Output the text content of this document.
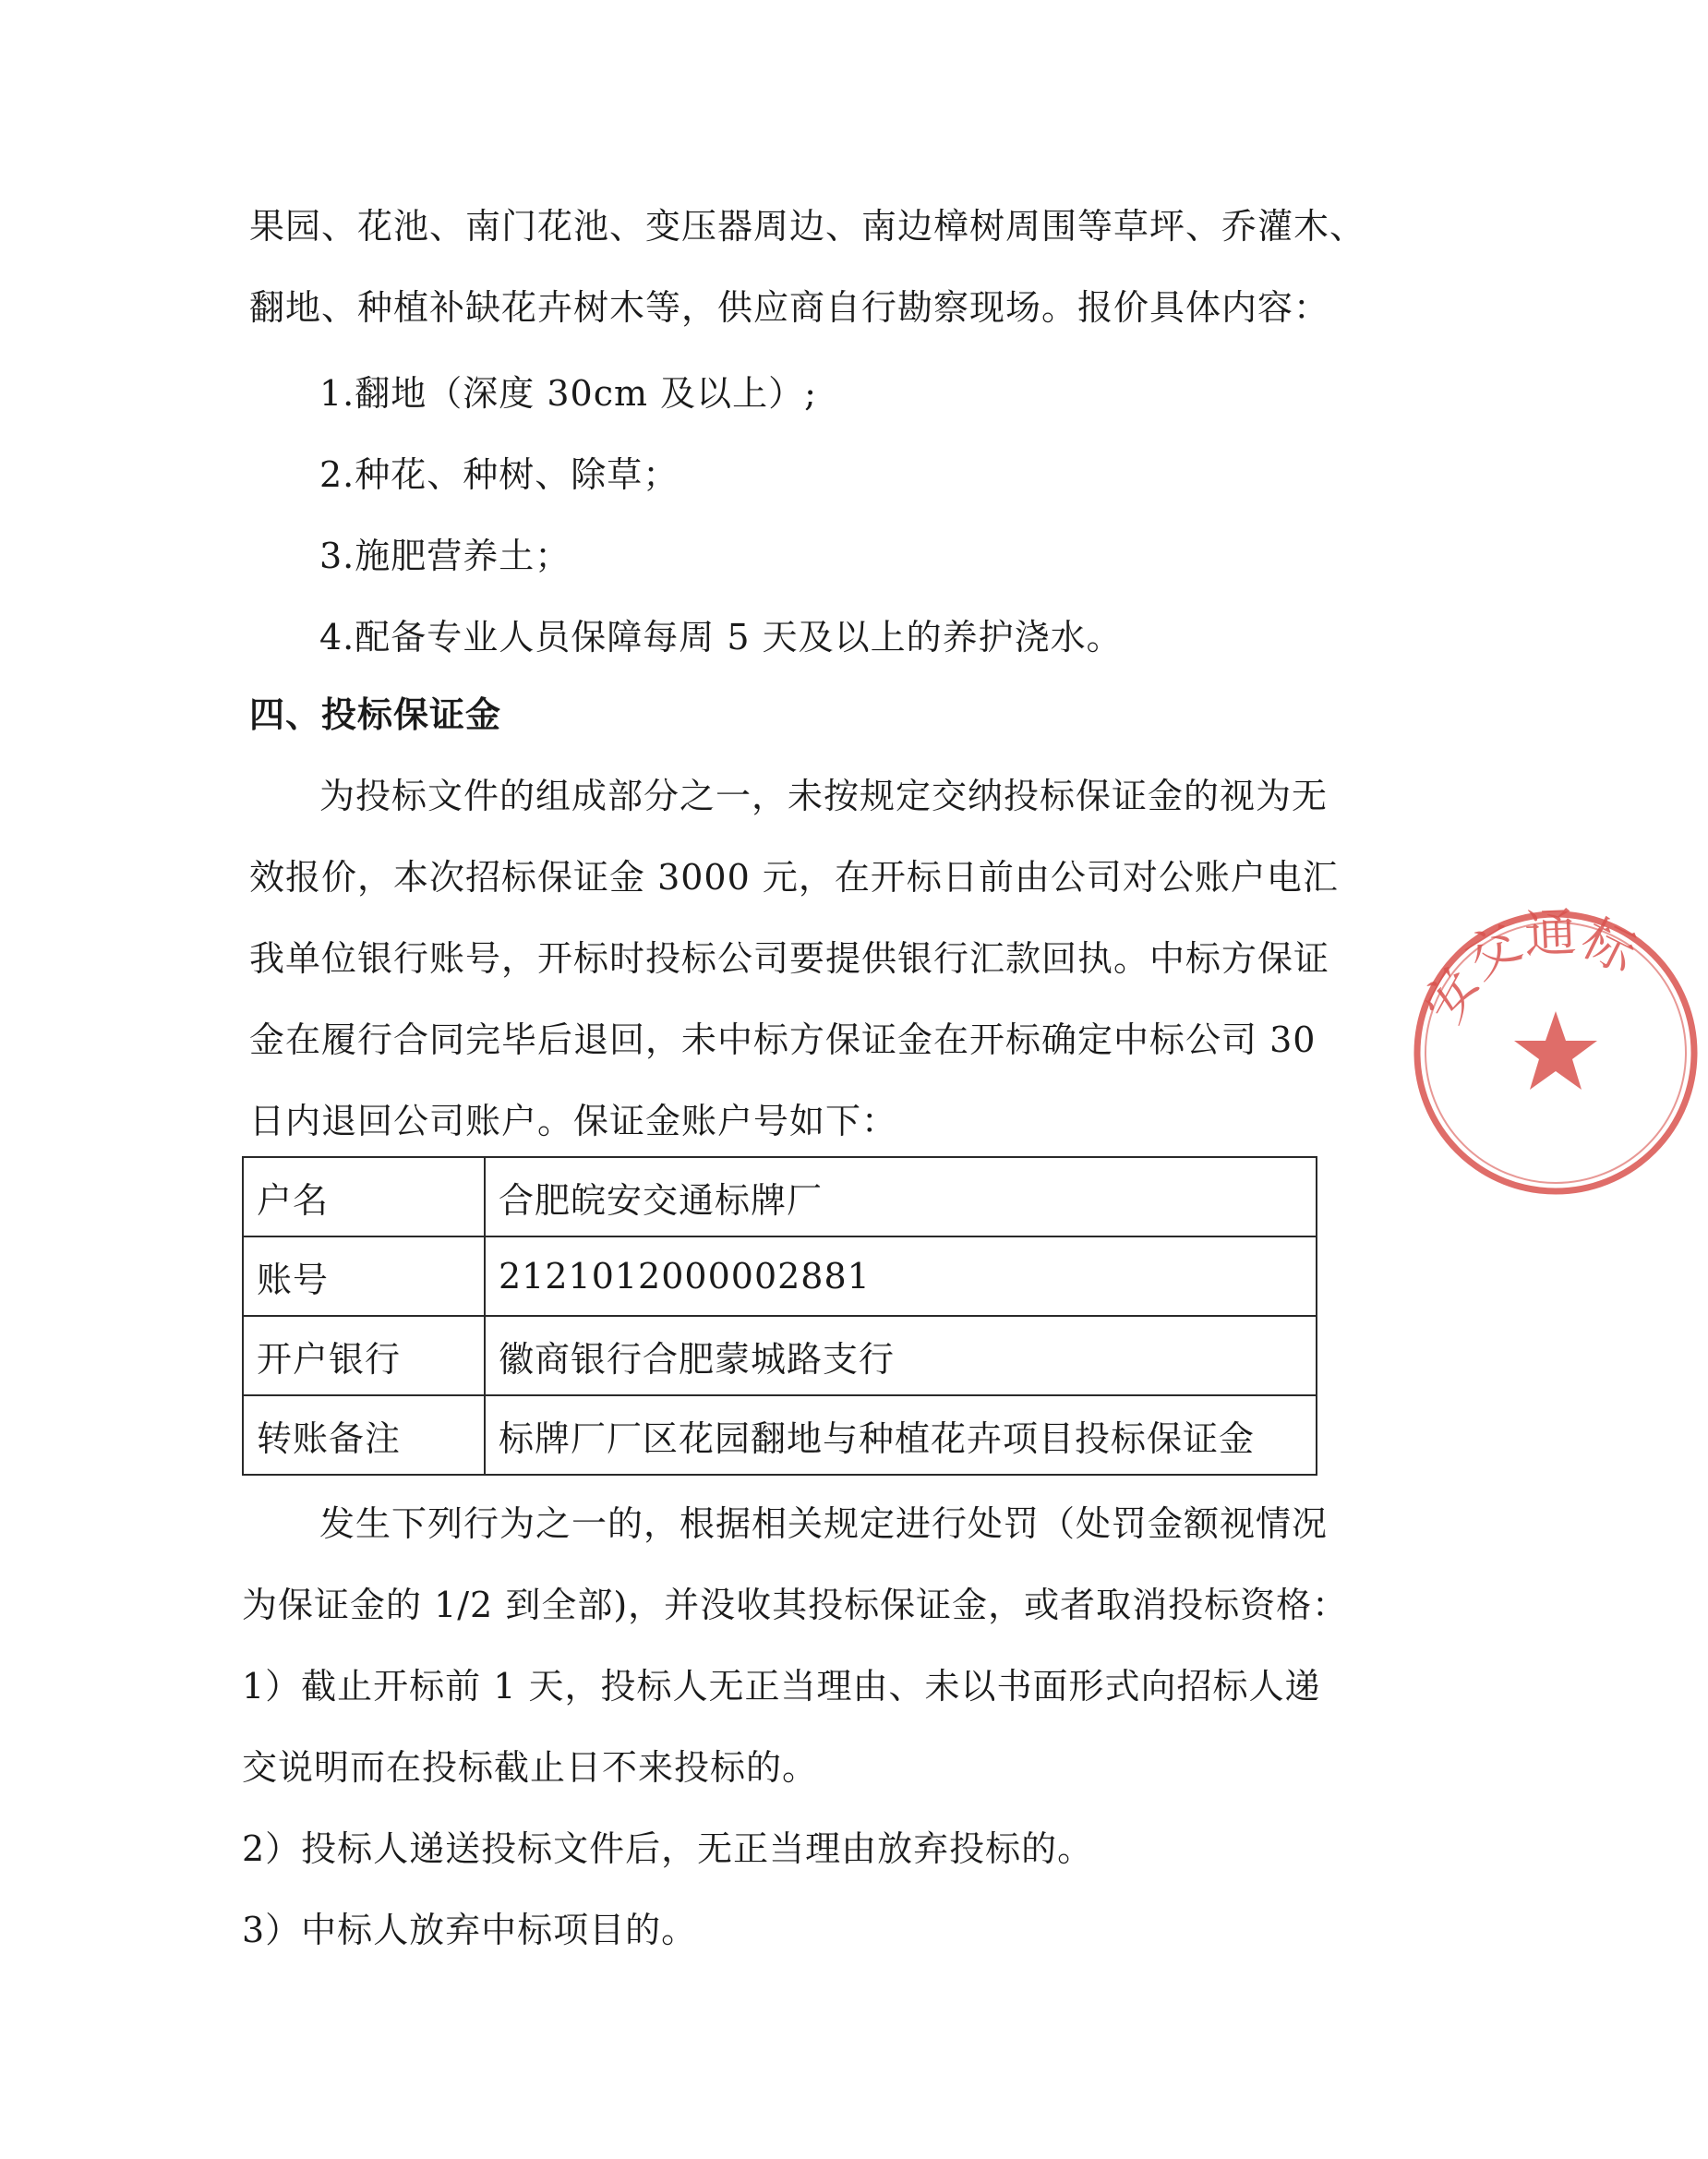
果园、花池、南门花池、变压器周边、南边樟树周围等草坪、乔灌木、
翻地、种植补缺花卉树木等，供应商自行勘察现场。报价具体内容：
1.翻地（深度 30cm 及以上）;
2.种花、种树、除草；
3.施肥营养土；
4.配备专业人员保障每周 5 天及以上的养护浇水。
四、投标保证金
为投标文件的组成部分之一，未按规定交纳投标保证金的视为无
效报价，本次招标保证金 3000 元，在开标日前由公司对公账户电汇
我单位银行账号，开标时投标公司要提供银行汇款回执。中标方保证
金在履行合同完毕后退回，未中标方保证金在开标确定中标公司 30
日内退回公司账户。保证金账户号如下：
户名	合肥皖安交通标牌厂
账号	2121012000002881
开户银行	徽商银行合肥蒙城路支行
转账备注	标牌厂厂区花园翻地与种植花卉项目投标保证金
发生下列行为之一的，根据相关规定进行处罚（处罚金额视情况
为保证金的 1/2 到全部)，并没收其投标保证金，或者取消投标资格：
1）截止开标前 1 天，投标人无正当理由、未以书面形式向招标人递
交说明而在投标截止日不来投标的。
2）投标人递送投标文件后，无正当理由放弃投标的。
3）中标人放弃中标项目的。
安交通标
